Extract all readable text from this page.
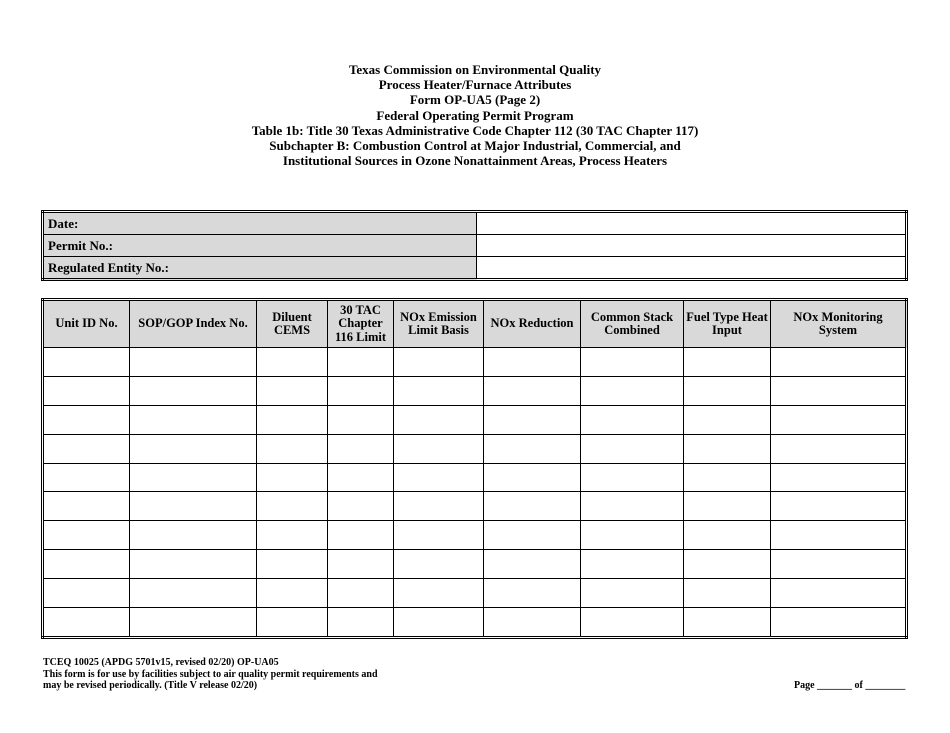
Texas Commission on Environmental Quality
Process Heater/Furnace Attributes
Form OP-UA5 (Page 2)
Federal Operating Permit Program
Table 1b: Title 30 Texas Administrative Code Chapter 112 (30 TAC Chapter 117)
Subchapter B: Combustion Control at Major Industrial, Commercial, and
Institutional Sources in Ozone Nonattainment Areas, Process Heaters
Date:	
Permit No.:	
Regulated Entity No.:	
Unit ID No.	SOP/GOP Index No.	Diluent CEMS	30 TAC Chapter 116 Limit	NOx Emission Limit Basis	NOx Reduction	Common Stack Combined	Fuel Type Heat Input	NOx Monitoring System

TCEQ 10025 (APDG 5701v15, revised 02/20) OP-UA05
This form is for use by facilities subject to air quality permit requirements and
may be revised periodically. (Title V release 02/20)	Page _______ of ________
